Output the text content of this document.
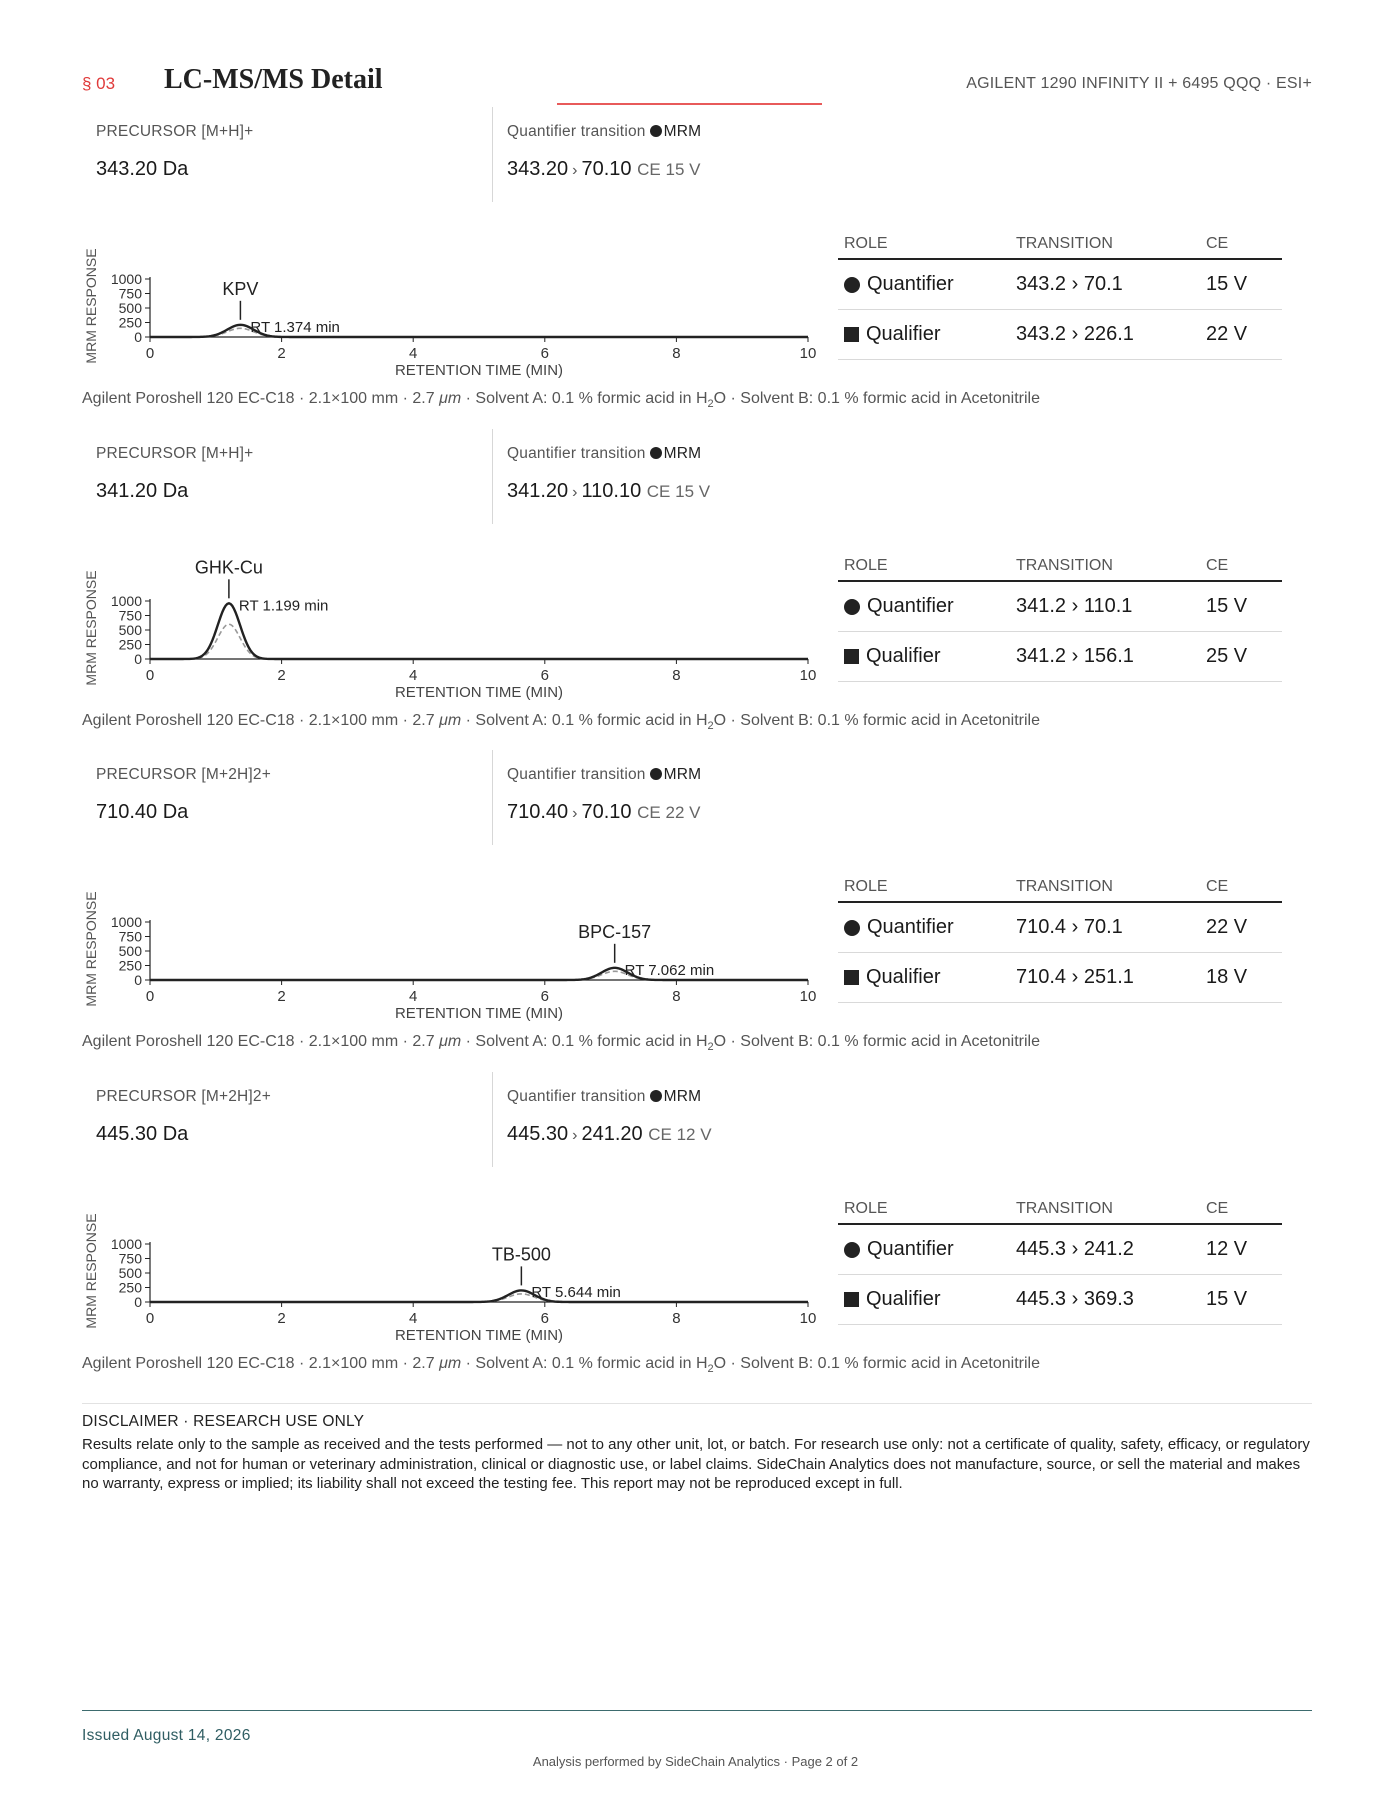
§ 03 LC-MS/MS Detail	AGILENT 1290 INFINITY II + 6495 QQQ · ESI+
PRECURSOR [M+H]+
343.20 Da
Quantifier transition MRM
343.20 › 70.10 CE 15 V
MRM RESPONSE	0
250
500
750
1000
0	2	4	6	8	10
RETENTION TIME (MIN)
KPV
RT 1.374 min
ROLE	TRANSITION	CE
Quantifier	343.2 › 70.1	15 V
Qualifier	343.2 › 226.1	22 V
Agilent Poroshell 120 EC-C18 · 2.1×100 mm · 2.7 μm · Solvent A: 0.1 % formic acid in $H_2O$ · Solvent B: 0.1 % formic acid in Acetonitrile
PRECURSOR [M+H]+
341.20 Da
Quantifier transition MRM
341.20 › 110.10 CE 15 V
MRM RESPONSE	0
250
500
750
1000
0	2	4	6	8	10
RETENTION TIME (MIN)
GHK-Cu
RT 1.199 min
ROLE	TRANSITION	CE
Quantifier	341.2 › 110.1	15 V
Qualifier	341.2 › 156.1	25 V
Agilent Poroshell 120 EC-C18 · 2.1×100 mm · 2.7 μm · Solvent A: 0.1 % formic acid in $H_2O$ · Solvent B: 0.1 % formic acid in Acetonitrile
PRECURSOR [M+2H]2+
710.40 Da
Quantifier transition MRM
710.40 › 70.10 CE 22 V
MRM RESPONSE	0
250
500
750
1000
0	2	4	6	8	10
RETENTION TIME (MIN)
BPC-157
RT 7.062 min
ROLE	TRANSITION	CE
Quantifier	710.4 › 70.1	22 V
Qualifier	710.4 › 251.1	18 V
Agilent Poroshell 120 EC-C18 · 2.1×100 mm · 2.7 μm · Solvent A: 0.1 % formic acid in $H_2O$ · Solvent B: 0.1 % formic acid in Acetonitrile
PRECURSOR [M+2H]2+
445.30 Da
Quantifier transition MRM
445.30 › 241.20 CE 12 V
MRM RESPONSE	0
250
500
750
1000
0	2	4	6	8	10
RETENTION TIME (MIN)
TB-500
RT 5.644 min
ROLE	TRANSITION	CE
Quantifier	445.3 › 241.2	12 V
Qualifier	445.3 › 369.3	15 V
Agilent Poroshell 120 EC-C18 · 2.1×100 mm · 2.7 μm · Solvent A: 0.1 % formic acid in $H_2O$ · Solvent B: 0.1 % formic acid in Acetonitrile
DISCLAIMER · RESEARCH USE ONLY
Results relate only to the sample as received and the tests performed — not to any other unit, lot, or batch. For research use only: not a certificate of quality, safety, efficacy, or regulatory compliance, and not for human or veterinary administration, clinical or diagnostic use, or label claims. SideChain Analytics does not manufacture, source, or sell the material and makes no warranty, express or implied; its liability shall not exceed the testing fee. This report may not be reproduced except in full.
Issued August 14, 2026
Analysis performed by SideChain Analytics · Page 2 of 2
